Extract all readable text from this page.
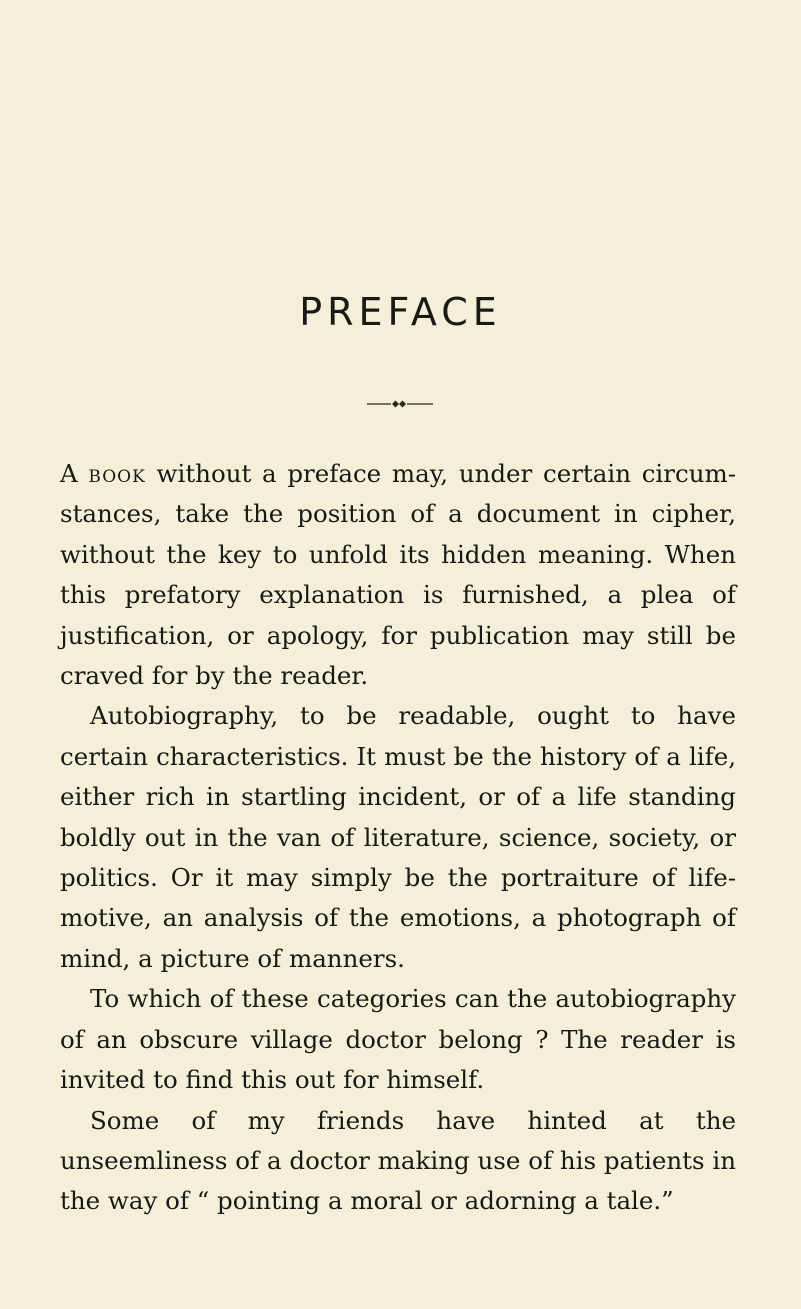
PREFACE

A book without a preface may, under certain circumstances, take the position of a document in cipher, without the key to unfold its hidden meaning. When this prefatory explanation is furnished, a plea of justification, or apology, for publication may still be craved for by the reader.

Autobiography, to be readable, ought to have certain characteristics. It must be the history of a life, either rich in startling incident, or of a life standing boldly out in the van of literature, science, society, or politics. Or it may simply be the portraiture of life-motive, an analysis of the emotions, a photograph of mind, a picture of manners.

To which of these categories can the autobiography of an obscure village doctor belong ? The reader is invited to find this out for himself.

Some of my friends have hinted at the unseemliness of a doctor making use of his patients in the way of “ pointing a moral or adorning a tale.”
